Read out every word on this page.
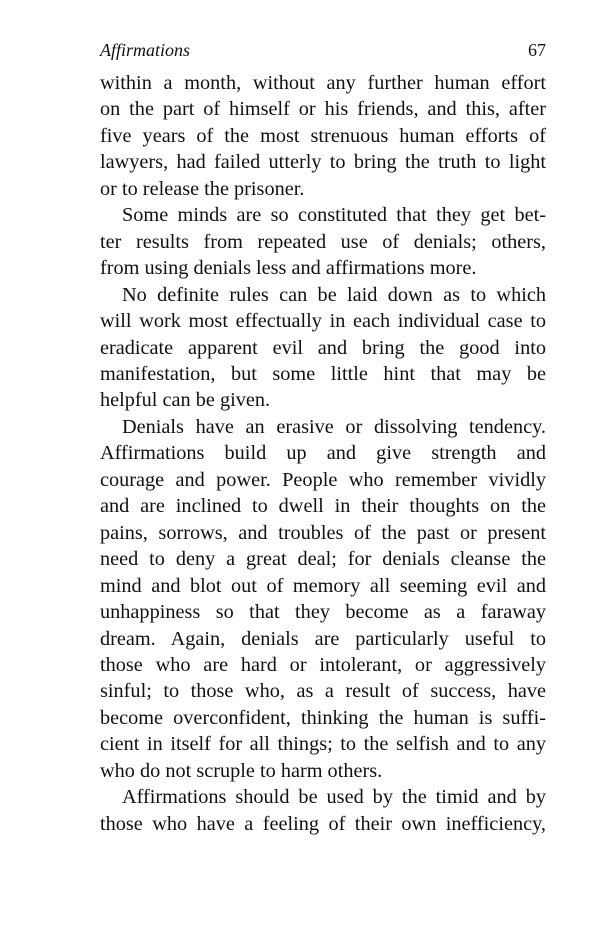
Affirmations	67
within a month, without any further human effort
on the part of himself or his friends, and this, after
five years of the most strenuous human efforts of
lawyers, had failed utterly to bring the truth to light
or to release the prisoner.
Some minds are so constituted that they get bet-
ter results from repeated use of denials; others,
from using denials less and affirmations more.
No definite rules can be laid down as to which
will work most effectually in each individual case to
eradicate apparent evil and bring the good into
manifestation, but some little hint that may be
helpful can be given.
Denials have an erasive or dissolving tendency.
Affirmations build up and give strength and
courage and power. People who remember vividly
and are inclined to dwell in their thoughts on the
pains, sorrows, and troubles of the past or present
need to deny a great deal; for denials cleanse the
mind and blot out of memory all seeming evil and
unhappiness so that they become as a faraway
dream. Again, denials are particularly useful to
those who are hard or intolerant, or aggressively
sinful; to those who, as a result of success, have
become overconfident, thinking the human is suffi-
cient in itself for all things; to the selfish and to any
who do not scruple to harm others.
Affirmations should be used by the timid and by
those who have a feeling of their own inefficiency,
